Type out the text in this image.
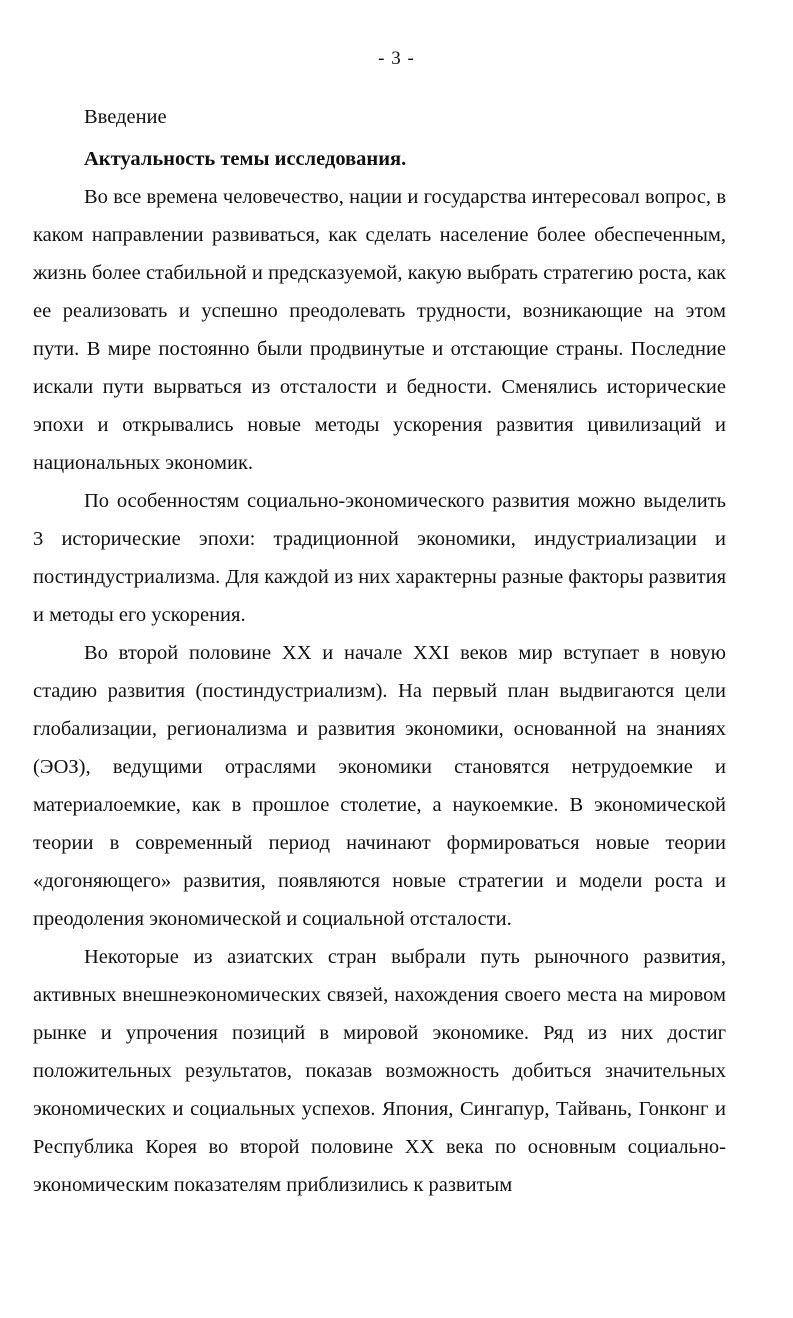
- 3 -
Введение
Актуальность темы исследования.

Во все времена человечество, нации и государства интересовал вопрос, в каком направлении развиваться, как сделать население более обеспеченным, жизнь более стабильной и предсказуемой, какую выбрать стратегию роста, как ее реализовать и успешно преодолевать трудности, возникающие на этом пути. В мире постоянно были продвинутые и отстающие страны. Последние искали пути вырваться из отсталости и бедности. Сменялись исторические эпохи и открывались новые методы ускорения развития цивилизаций и национальных экономик.

По особенностям социально-экономического развития можно выделить 3 исторические эпохи: традиционной экономики, индустриализации и постиндустриализма. Для каждой из них характерны разные факторы развития и методы его ускорения.

Во второй половине XX и начале XXI веков мир вступает в новую стадию развития (постиндустриализм). На первый план выдвигаются цели глобализации, регионализма и развития экономики, основанной на знаниях (ЭОЗ), ведущими отраслями экономики становятся нетрудоемкие и материалоемкие, как в прошлое столетие, а наукоемкие. В экономической теории в современный период начинают формироваться новые теории «догоняющего» развития, появляются новые стратегии и модели роста и преодоления экономической и социальной отсталости.

Некоторые из азиатских стран выбрали путь рыночного развития, активных внешнеэкономических связей, нахождения своего места на мировом рынке и упрочения позиций в мировой экономике. Ряд из них достиг положительных результатов, показав возможность добиться значительных экономических и социальных успехов. Япония, Сингапур, Тайвань, Гонконг и Республика Корея во второй половине XX века по основным социально-экономическим показателям приблизились к развитым
